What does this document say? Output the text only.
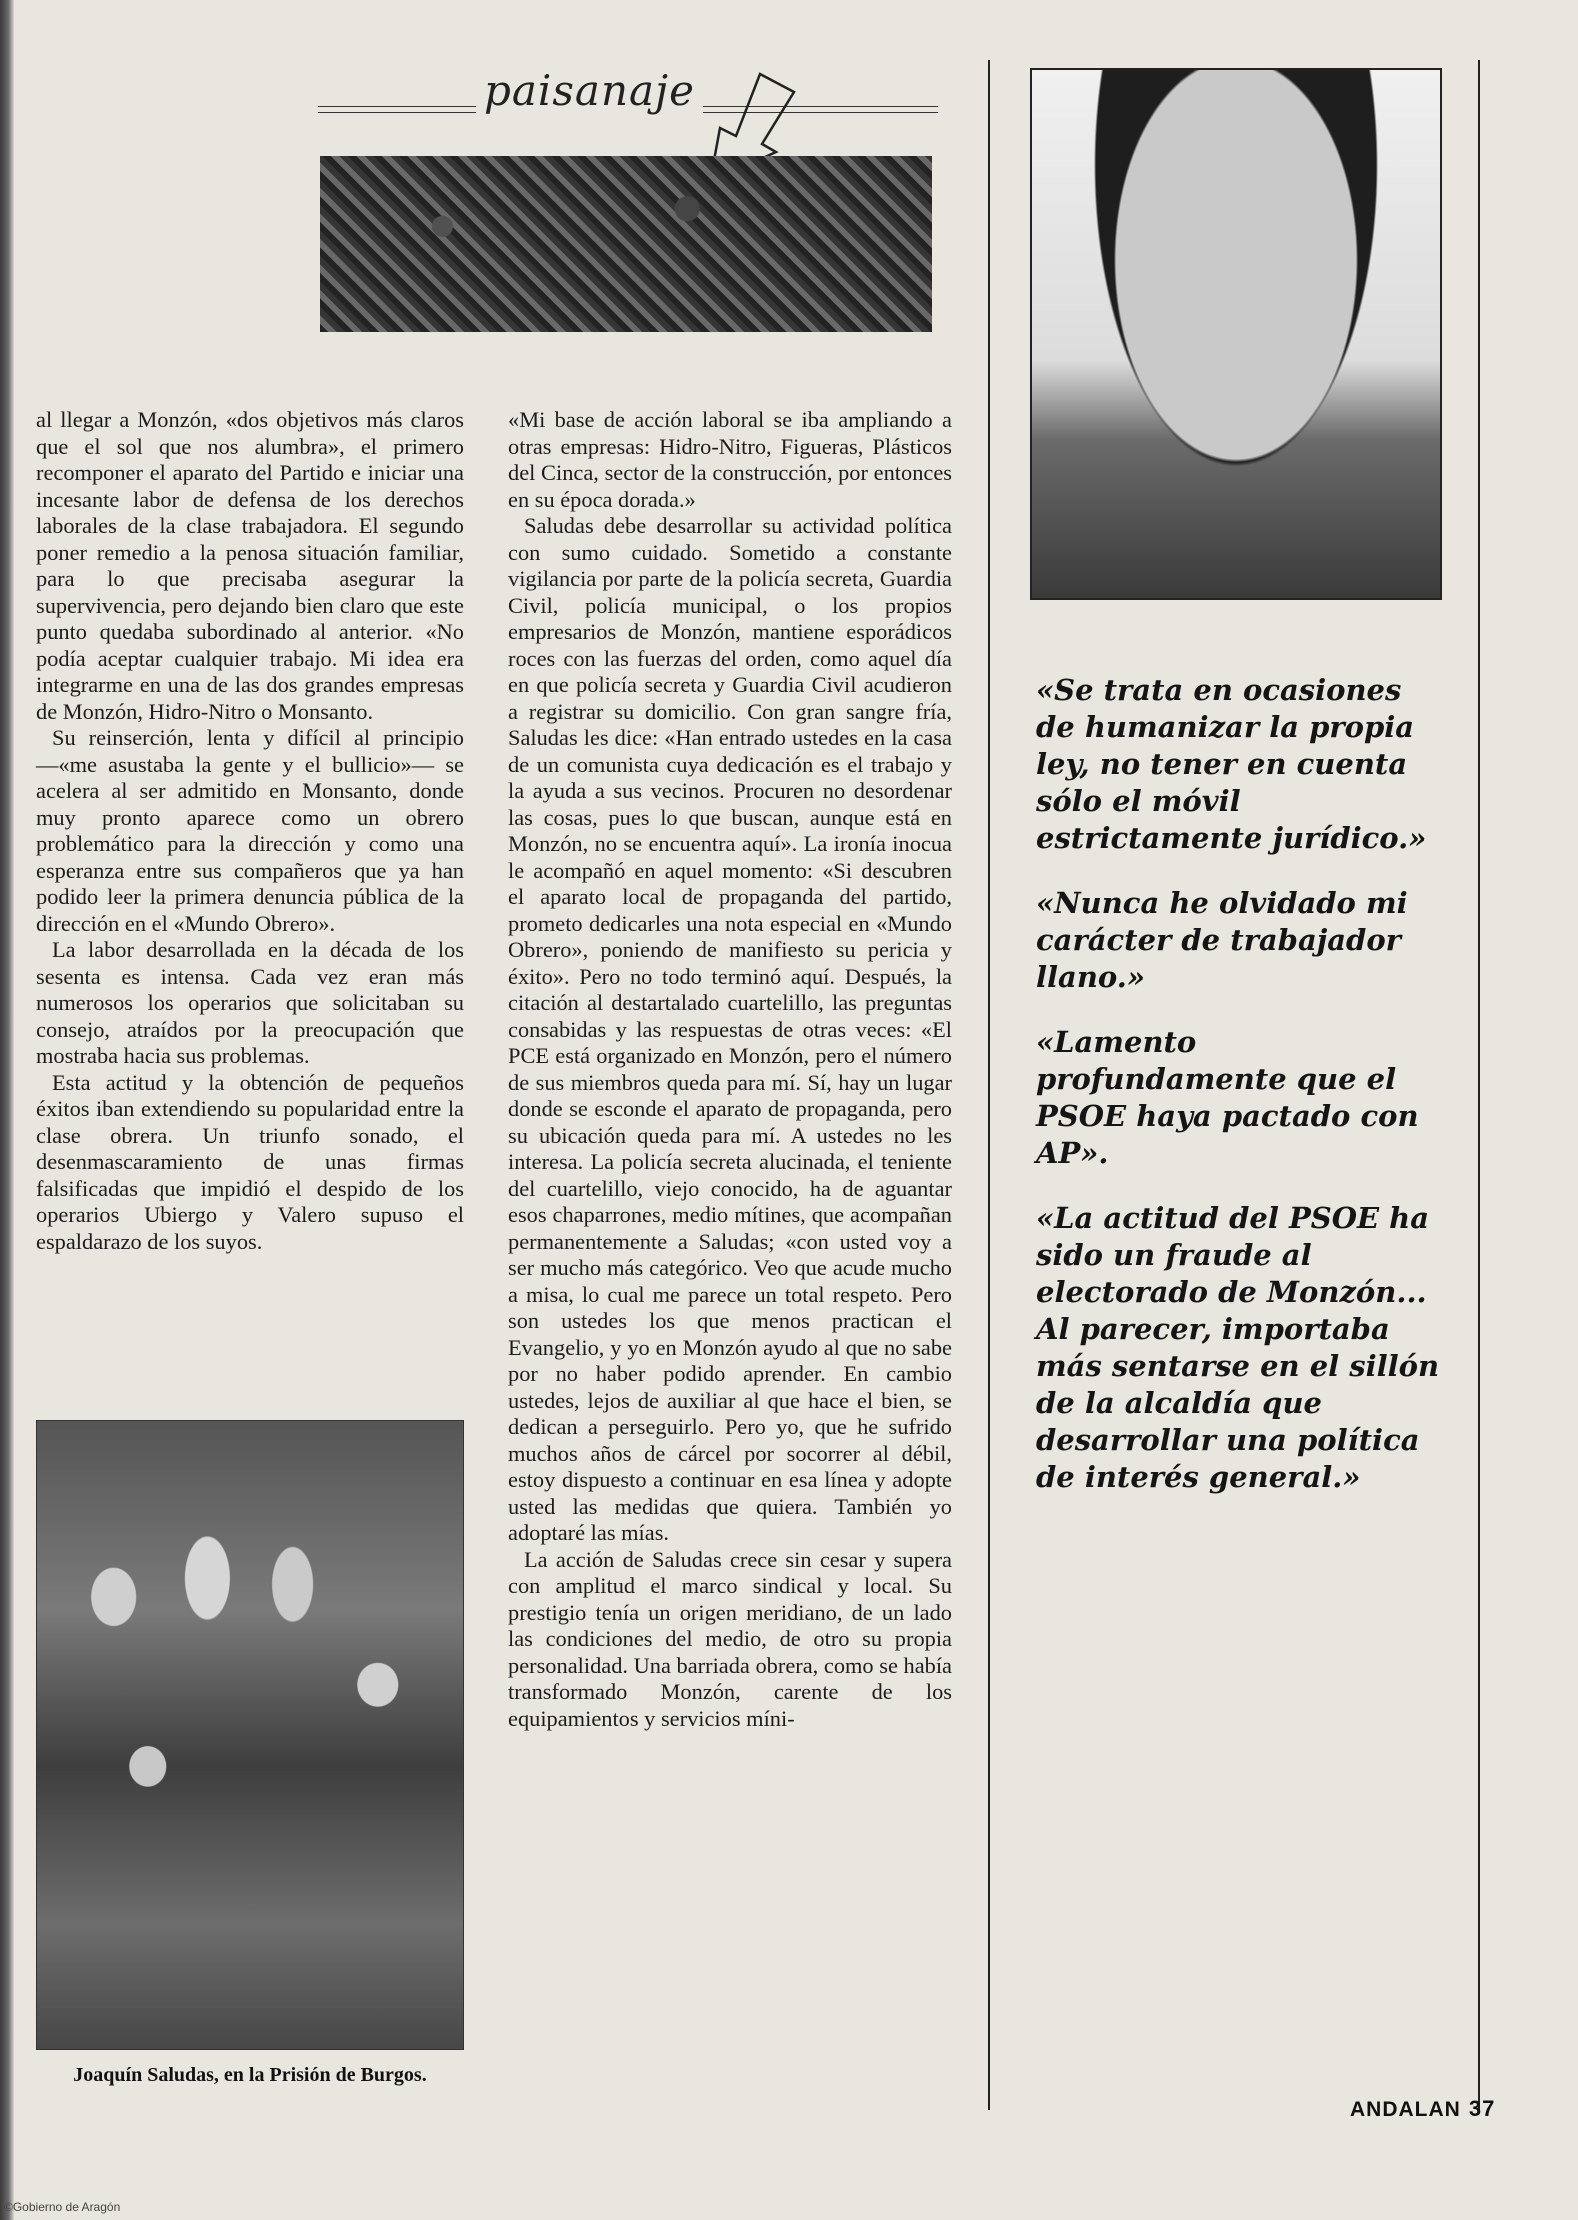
paisanaje

al llegar a Monzón, «dos objetivos más claros que el sol que nos alumbra», el primero recomponer el aparato del Partido e iniciar una incesante labor de defensa de los derechos laborales de la clase trabajadora. El segundo poner remedio a la penosa situación familiar, para lo que precisaba asegurar la supervivencia, pero dejando bien claro que este punto quedaba subordinado al anterior. «No podía aceptar cualquier trabajo. Mi idea era integrarme en una de las dos grandes empresas de Monzón, Hidro-Nitro o Monsanto.

Su reinserción, lenta y difícil al principio —«me asustaba la gente y el bullicio»— se acelera al ser admitido en Monsanto, donde muy pronto aparece como un obrero problemático para la dirección y como una esperanza entre sus compañeros que ya han podido leer la primera denuncia pública de la dirección en el «Mundo Obrero».

La labor desarrollada en la década de los sesenta es intensa. Cada vez eran más numerosos los operarios que solicitaban su consejo, atraídos por la preocupación que mostraba hacia sus problemas.

Esta actitud y la obtención de pequeños éxitos iban extendiendo su popularidad entre la clase obrera. Un triunfo sonado, el desenmascaramiento de unas firmas falsificadas que impidió el despido de los operarios Ubiergo y Valero supuso el espaldarazo de los suyos.

Joaquín Saludas, en la Prisión de Burgos.

«Mi base de acción laboral se iba ampliando a otras empresas: Hidro-Nitro, Figueras, Plásticos del Cinca, sector de la construcción, por entonces en su época dorada.»

Saludas debe desarrollar su actividad política con sumo cuidado. Sometido a constante vigilancia por parte de la policía secreta, Guardia Civil, policía municipal, o los propios empresarios de Monzón, mantiene esporádicos roces con las fuerzas del orden, como aquel día en que policía secreta y Guardia Civil acudieron a registrar su domicilio. Con gran sangre fría, Saludas les dice: «Han entrado ustedes en la casa de un comunista cuya dedicación es el trabajo y la ayuda a sus vecinos. Procuren no desordenar las cosas, pues lo que buscan, aunque está en Monzón, no se encuentra aquí». La ironía inocua le acompañó en aquel momento: «Si descubren el aparato local de propaganda del partido, prometo dedicarles una nota especial en «Mundo Obrero», poniendo de manifiesto su pericia y éxito». Pero no todo terminó aquí. Después, la citación al destartalado cuartelillo, las preguntas consabidas y las respuestas de otras veces: «El PCE está organizado en Monzón, pero el número de sus miembros queda para mí. Sí, hay un lugar donde se esconde el aparato de propaganda, pero su ubicación queda para mí. A ustedes no les interesa. La policía secreta alucinada, el teniente del cuartelillo, viejo conocido, ha de aguantar esos chaparrones, medio mítines, que acompañan permanentemente a Saludas; «con usted voy a ser mucho más categórico. Veo que acude mucho a misa, lo cual me parece un total respeto. Pero son ustedes los que menos practican el Evangelio, y yo en Monzón ayudo al que no sabe por no haber podido aprender. En cambio ustedes, lejos de auxiliar al que hace el bien, se dedican a perseguirlo. Pero yo, que he sufrido muchos años de cárcel por socorrer al débil, estoy dispuesto a continuar en esa línea y adopte usted las medidas que quiera. También yo adoptaré las mías.

La acción de Saludas crece sin cesar y supera con amplitud el marco sindical y local. Su prestigio tenía un origen meridiano, de un lado las condiciones del medio, de otro su propia personalidad. Una barriada obrera, como se había transformado Monzón, carente de los equipamientos y servicios míni-

«Se trata en ocasiones de humanizar la propia ley, no tener en cuenta sólo el móvil estrictamente jurídico.»

«Nunca he olvidado mi carácter de trabajador llano.»

«Lamento profundamente que el PSOE haya pactado con AP».

«La actitud del PSOE ha sido un fraude al electorado de Monzón... Al parecer, importaba más sentarse en el sillón de la alcaldía que desarrollar una política de interés general.»

ANDALAN 37
©Gobierno de Aragón
